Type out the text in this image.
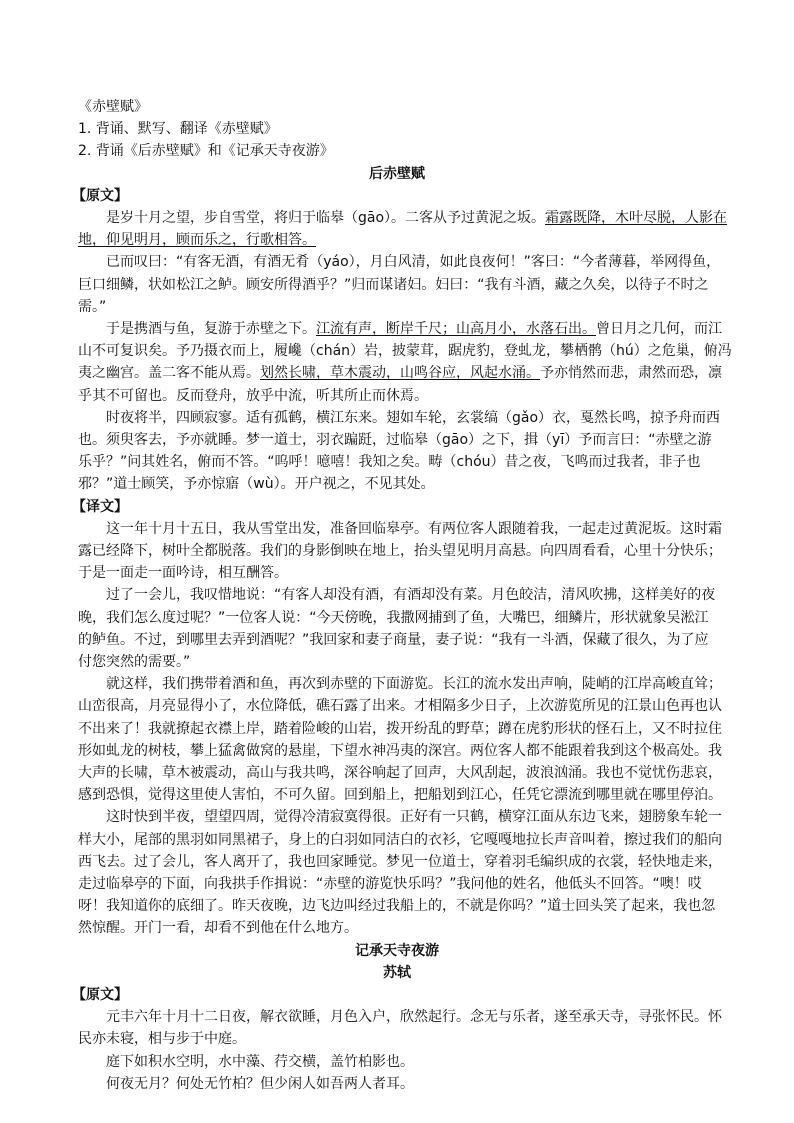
《赤壁赋》
1. 背诵、默写、翻译《赤壁赋》
2. 背诵《后赤壁赋》和《记承天寺夜游》
后赤壁赋
【原文】
是岁十月之望，步自雪堂，将归于临皋（gāo）。二客从予过黄泥之坂。霜露既降，木叶尽脱，人影在
地，仰见明月，顾而乐之，行歌相答。
已而叹曰：“有客无酒，有酒无肴（yáo），月白风清，如此良夜何！”客曰：“今者薄暮，举网得鱼，
巨口细鳞，状如松江之鲈。顾安所得酒乎？”归而谋诸妇。妇曰：“我有斗酒，藏之久矣，以待子不时之
需。”
于是携酒与鱼，复游于赤壁之下。江流有声，断岸千尺；山高月小，水落石出。曾日月之几何，而江
山不可复识矣。予乃摄衣而上，履巉（chán）岩，披蒙茸，踞虎豹，登虬龙，攀栖鹘（hú）之危巢，俯冯
夷之幽宫。盖二客不能从焉。划然长啸，草木震动，山鸣谷应，风起水涌。予亦悄然而悲，肃然而恐，凛
乎其不可留也。反而登舟，放乎中流，听其所止而休焉。
时夜将半，四顾寂寥。适有孤鹤，横江东来。翅如车轮，玄裳缟（gǎo）衣，戛然长鸣，掠予舟而西
也。须臾客去，予亦就睡。梦一道士，羽衣蹁跹，过临皋（gāo）之下，揖（yī）予而言曰：“赤壁之游
乐乎？”问其姓名，俯而不答。“呜呼！噫嘻！我知之矣。畴（chóu）昔之夜，飞鸣而过我者，非子也
邪？”道士顾笑，予亦惊寤（wù）。开户视之，不见其处。
【译文】
这一年十月十五日，我从雪堂出发，准备回临皋亭。有两位客人跟随着我，一起走过黄泥坂。这时霜
露已经降下，树叶全都脱落。我们的身影倒映在地上，抬头望见明月高悬。向四周看看，心里十分快乐；
于是一面走一面吟诗，相互酬答。
过了一会儿，我叹惜地说：“有客人却没有酒，有酒却没有菜。月色皎洁，清风吹拂，这样美好的夜
晚，我们怎么度过呢？”一位客人说：“今天傍晚，我撒网捕到了鱼，大嘴巴，细鳞片，形状就象吴淞江
的鲈鱼。不过，到哪里去弄到酒呢？”我回家和妻子商量，妻子说：“我有一斗酒，保藏了很久，为了应
付您突然的需要。”
就这样，我们携带着酒和鱼，再次到赤壁的下面游览。长江的流水发出声响，陡峭的江岸高峻直耸；
山峦很高，月亮显得小了，水位降低，礁石露了出来。才相隔多少日子，上次游览所见的江景山色再也认
不出来了！我就撩起衣襟上岸，踏着险峻的山岩，拨开纷乱的野草；蹲在虎豹形状的怪石上，又不时拉住
形如虬龙的树枝，攀上猛禽做窝的悬崖，下望水神冯夷的深宫。两位客人都不能跟着我到这个极高处。我
大声的长啸，草木被震动，高山与我共鸣，深谷响起了回声，大风刮起，波浪汹涌。我也不觉忧伤悲哀，
感到恐惧，觉得这里使人害怕，不可久留。回到船上，把船划到江心，任凭它漂流到哪里就在哪里停泊。
这时快到半夜，望望四周，觉得冷清寂寞得很。正好有一只鹤，横穿江面从东边飞来，翅膀象车轮一
样大小，尾部的黑羽如同黑裙子，身上的白羽如同洁白的衣衫，它嘎嘎地拉长声音叫着，擦过我们的船向
西飞去。过了会儿，客人离开了，我也回家睡觉。梦见一位道士，穿着羽毛编织成的衣裳，轻快地走来，
走过临皋亭的下面，向我拱手作揖说：“赤壁的游览快乐吗？”我问他的姓名，他低头不回答。“噢！哎
呀！我知道你的底细了。昨天夜晚，边飞边叫经过我船上的，不就是你吗？”道士回头笑了起来，我也忽
然惊醒。开门一看，却看不到他在什么地方。
记承天寺夜游
苏轼
【原文】
元丰六年十月十二日夜，解衣欲睡，月色入户，欣然起行。念无与乐者，遂至承天寺，寻张怀民。怀
民亦未寝，相与步于中庭。
庭下如积水空明，水中藻、荇交横，盖竹柏影也。
何夜无月？何处无竹柏？但少闲人如吾两人者耳。
